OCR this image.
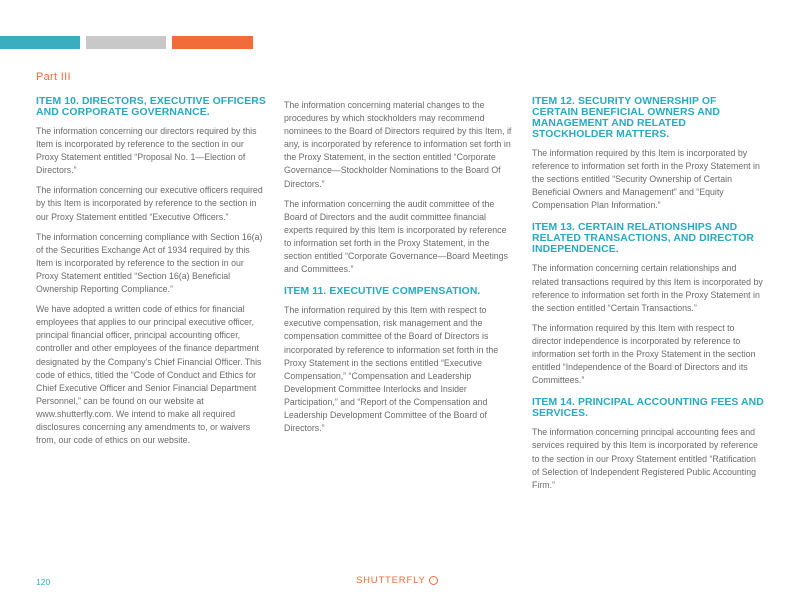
Part III
ITEM 10. DIRECTORS, EXECUTIVE OFFICERS AND CORPORATE GOVERNANCE.
The information concerning our directors required by this Item is incorporated by reference to the section in our Proxy Statement entitled “Proposal No. 1—Election of Directors.”
The information concerning our executive officers required by this Item is incorporated by reference to the section in our Proxy Statement entitled “Executive Officers.”
The information concerning compliance with Section 16(a) of the Securities Exchange Act of 1934 required by this Item is incorporated by reference to the section in our Proxy Statement entitled “Section 16(a) Beneficial Ownership Reporting Compliance.”
We have adopted a written code of ethics for financial employees that applies to our principal executive officer, principal financial officer, principal accounting officer, controller and other employees of the finance department designated by the Company’s Chief Financial Officer. This code of ethics, titled the “Code of Conduct and Ethics for Chief Executive Officer and Senior Financial Department Personnel,” can be found on our website at www.shutterfly.com. We intend to make all required disclosures concerning any amendments to, or waivers from, our code of ethics on our website.
The information concerning material changes to the procedures by which stockholders may recommend nominees to the Board of Directors required by this Item, if any, is incorporated by reference to information set forth in the Proxy Statement, in the section entitled “Corporate Governance—Stockholder Nominations to the Board Of Directors.”
The information concerning the audit committee of the Board of Directors and the audit committee financial experts required by this Item is incorporated by reference to information set forth in the Proxy Statement, in the section entitled “Corporate Governance—Board Meetings and Committees.”
ITEM 11. EXECUTIVE COMPENSATION.
The information required by this Item with respect to executive compensation, risk management and the compensation committee of the Board of Directors is incorporated by reference to information set forth in the Proxy Statement in the sections entitled “Executive Compensation,” “Compensation and Leadership Development Committee Interlocks and Insider Participation,” and “Report of the Compensation and Leadership Development Committee of the Board of Directors.”
ITEM 12. SECURITY OWNERSHIP OF CERTAIN BENEFICIAL OWNERS AND MANAGEMENT AND RELATED STOCKHOLDER MATTERS.
The information required by this Item is incorporated by reference to information set forth in the Proxy Statement in the sections entitled “Security Ownership of Certain Beneficial Owners and Management” and “Equity Compensation Plan Information.”
ITEM 13. CERTAIN RELATIONSHIPS AND RELATED TRANSACTIONS, AND DIRECTOR INDEPENDENCE.
The information concerning certain relationships and related transactions required by this Item is incorporated by reference to information set forth in the Proxy Statement in the section entitled “Certain Transactions.”
The information required by this Item with respect to director independence is incorporated by reference to information set forth in the Proxy Statement in the section entitled “Independence of the Board of Directors and its Committees.”
ITEM 14. PRINCIPAL ACCOUNTING FEES AND SERVICES.
The information concerning principal accounting fees and services required by this Item is incorporated by reference to the section in our Proxy Statement entitled “Ratification of Selection of Independent Registered Public Accounting Firm.”
120	SHUTTERFLY
